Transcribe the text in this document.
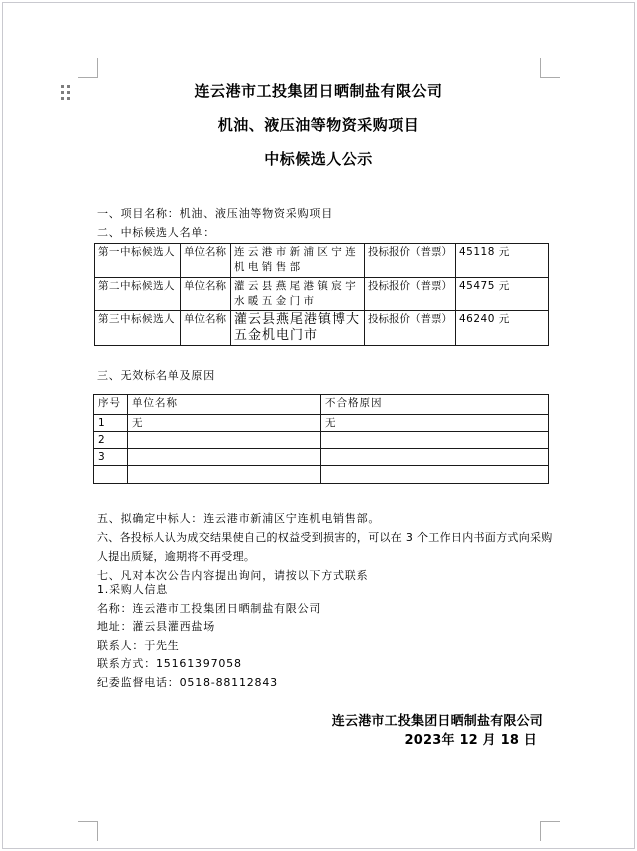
连云港市工投集团日晒制盐有限公司
机油、液压油等物资采购项目
中标候选人公示
一、项目名称：机油、液压油等物资采购项目
二、中标候选人名单：
第一中标候选人	单位名称	连云港市新浦区宁连机电销售部	投标报价（普票）	45118 元
第二中标候选人	单位名称	灌云县燕尾港镇宸宇水暖五金门市	投标报价（普票）	45475 元
第三中标候选人	单位名称	灌云县燕尾港镇博大五金机电门市	投标报价（普票）	46240 元
三、无效标名单及原因
序号	单位名称	不合格原因
1	无	无
2		
3		

五、拟确定中标人：连云港市新浦区宁连机电销售部。
六、各投标人认为成交结果使自己的权益受到损害的，可以在 3 个工作日内书面方式向采购人提出质疑，逾期将不再受理。
七、凡对本次公告内容提出询问，请按以下方式联系
1.采购人信息
名称：连云港市工投集团日晒制盐有限公司
地址：灌云县灌西盐场
联系人：于先生
联系方式：15161397058
纪委监督电话：0518-88112843
连云港市工投集团日晒制盐有限公司
2023年 12 月 18 日
